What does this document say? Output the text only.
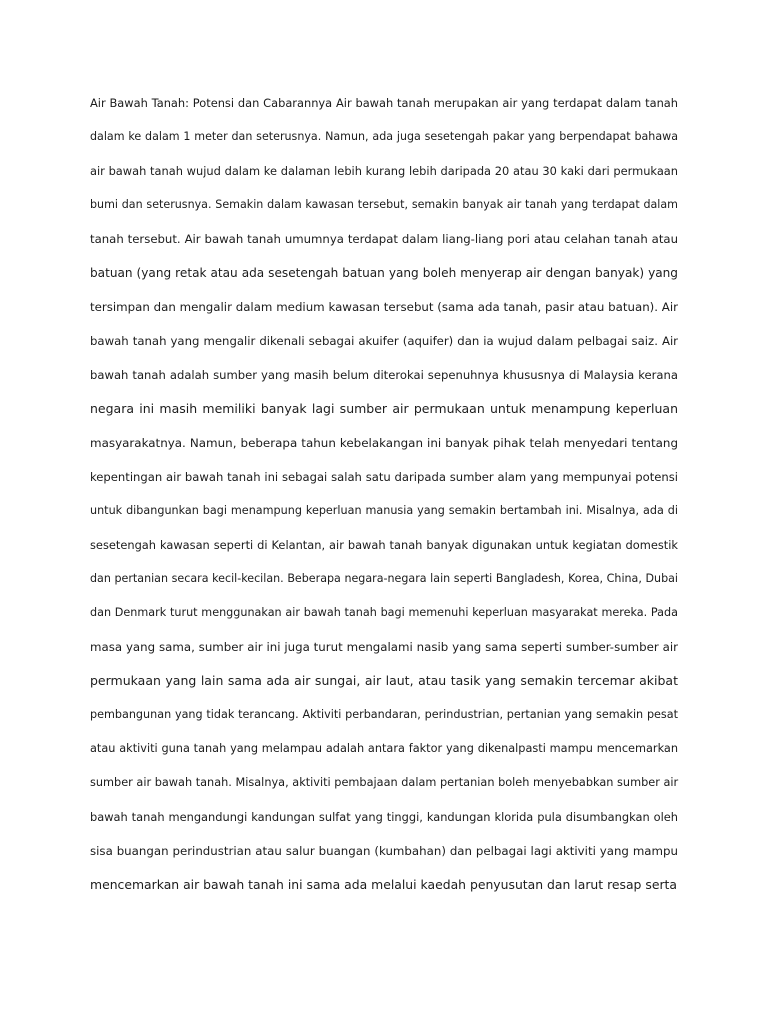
Air Bawah Tanah: Potensi dan Cabarannya Air bawah tanah merupakan air yang terdapat dalam tanah
dalam ke dalam 1 meter dan seterusnya. Namun, ada juga sesetengah pakar yang berpendapat bahawa
air bawah tanah wujud dalam ke dalaman lebih kurang lebih daripada 20 atau 30 kaki dari permukaan
bumi dan seterusnya. Semakin dalam kawasan tersebut, semakin banyak air tanah yang terdapat dalam
tanah tersebut. Air bawah tanah umumnya terdapat dalam liang-liang pori atau celahan tanah atau
batuan (yang retak atau ada sesetengah batuan yang boleh menyerap air dengan banyak) yang
tersimpan dan mengalir dalam medium kawasan tersebut (sama ada tanah, pasir atau batuan). Air
bawah tanah yang mengalir dikenali sebagai akuifer (aquifer) dan ia wujud dalam pelbagai saiz. Air
bawah tanah adalah sumber yang masih belum diterokai sepenuhnya khususnya di Malaysia kerana
negara ini masih memiliki banyak lagi sumber air permukaan untuk menampung keperluan
masyarakatnya. Namun, beberapa tahun kebelakangan ini banyak pihak telah menyedari tentang
kepentingan air bawah tanah ini sebagai salah satu daripada sumber alam yang mempunyai potensi
untuk dibangunkan bagi menampung keperluan manusia yang semakin bertambah ini. Misalnya, ada di
sesetengah kawasan seperti di Kelantan, air bawah tanah banyak digunakan untuk kegiatan domestik
dan pertanian secara kecil-kecilan. Beberapa negara-negara lain seperti Bangladesh, Korea, China, Dubai
dan Denmark turut menggunakan air bawah tanah bagi memenuhi keperluan masyarakat mereka. Pada
masa yang sama, sumber air ini juga turut mengalami nasib yang sama seperti sumber-sumber air
permukaan yang lain sama ada air sungai, air laut, atau tasik yang semakin tercemar akibat
pembangunan yang tidak terancang. Aktiviti perbandaran, perindustrian, pertanian yang semakin pesat
atau aktiviti guna tanah yang melampau adalah antara faktor yang dikenalpasti mampu mencemarkan
sumber air bawah tanah. Misalnya, aktiviti pembajaan dalam pertanian boleh menyebabkan sumber air
bawah tanah mengandungi kandungan sulfat yang tinggi, kandungan klorida pula disumbangkan oleh
sisa buangan perindustrian atau salur buangan (kumbahan) dan pelbagai lagi aktiviti yang mampu
mencemarkan air bawah tanah ini sama ada melalui kaedah penyusutan dan larut resap serta
